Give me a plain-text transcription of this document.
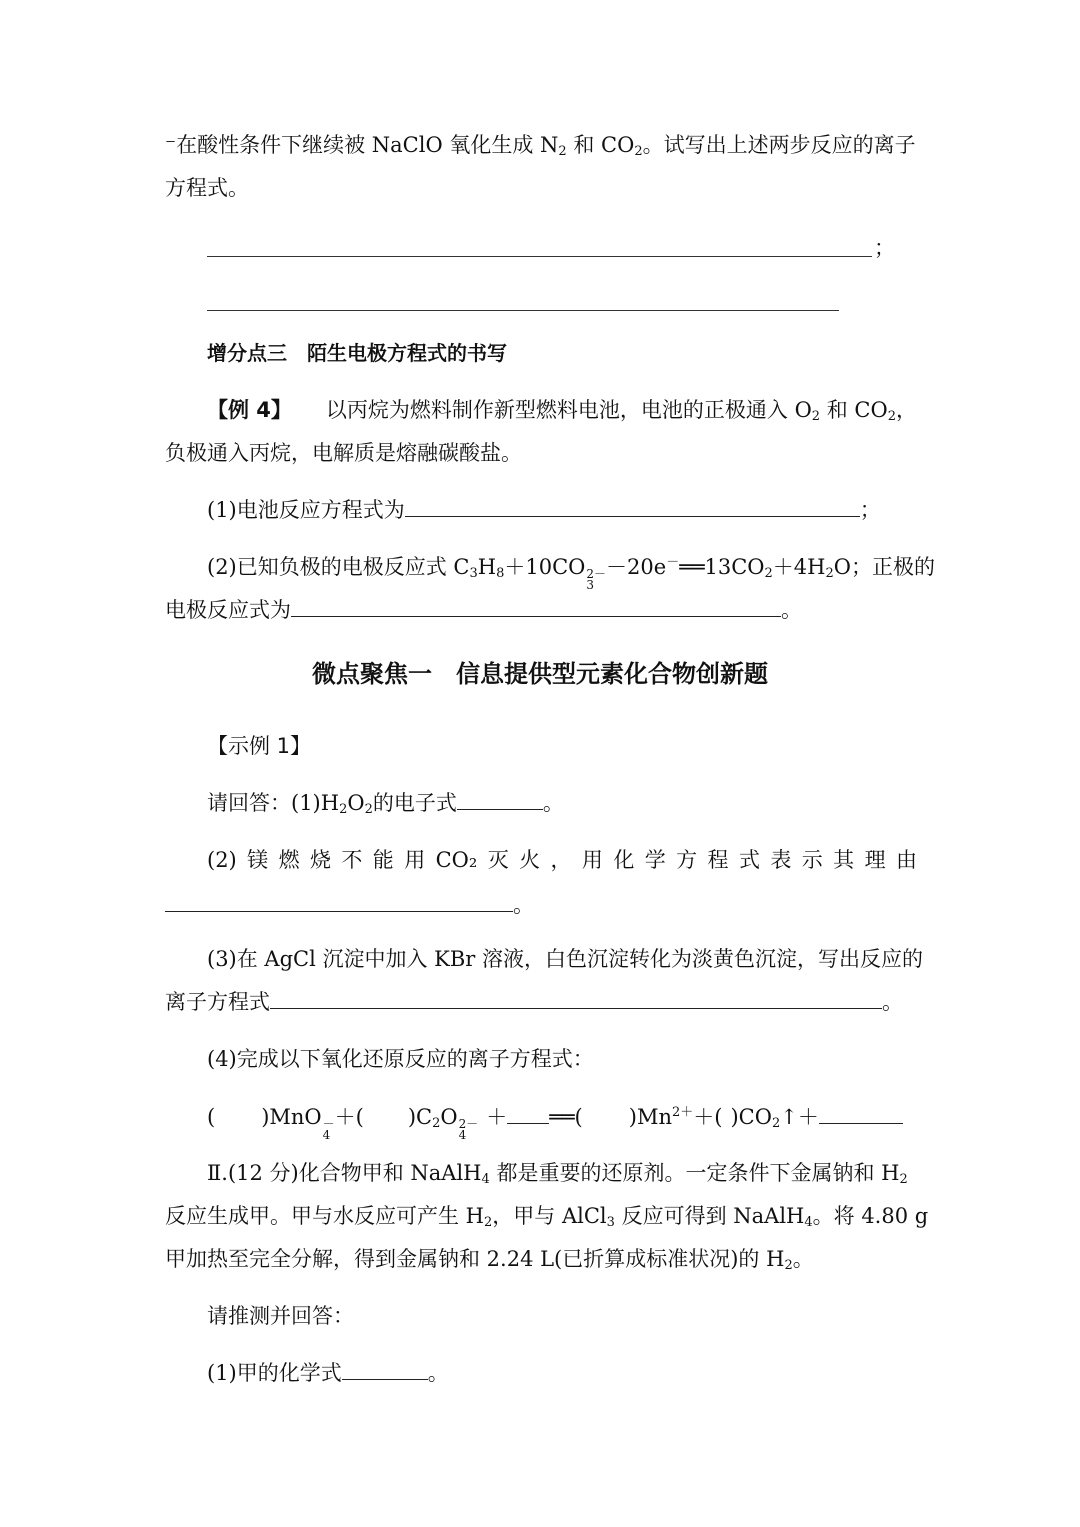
⁻在酸性条件下继续被 NaClO 氧化生成 $N_2$ 和 $CO_2$。试写出上述两步反应的离子
方程式。
；
增分点三　陌生电极方程式的书写
【例 4】 以丙烷为燃料制作新型燃料电池，电池的正极通入 $O_2$ 和 $CO_2$，
负极通入丙烷，电解质是熔融碳酸盐。
(1)电池反应方程式为	；
(2)已知负极的电极反应式 $C_3H_8+10CO$ 2－
3
$-20e^-══13CO_2+4H_2O$；正极的
电极反应式为	。
微点聚焦一　信息提供型元素化合物创新题
【示例 1】
请回答：$(1)H_2O_2$的电子式	。
(2) 镁 燃 烧 不 能 用 CO₂ 灭 火 ， 用 化 学 方 程 式 表 示 其 理 由
。
(3)在 AgCl 沉淀中加入 KBr 溶液，白色沉淀转化为淡黄色沉淀，写出反应的
离子方程式	。
(4)完成以下氧化还原反应的离子方程式：
( )MnO －
4
＋( )$C_2O$ 2－
4
＋ ══( )$Mn^{2+}+$( )$CO_2↑+$
Ⅱ.(12 分)化合物甲和 NaAlH$_4$ 都是重要的还原剂。一定条件下金属钠和 $H_2$
反应生成甲。甲与水反应可产生 $H_2$，甲与 AlCl$_3$ 反应可得到 NaAlH$_4$。将 4.80 g
甲加热至完全分解，得到金属钠和 2.24 L(已折算成标准状况)的 $H_2$。
请推测并回答：
(1)甲的化学式	。
